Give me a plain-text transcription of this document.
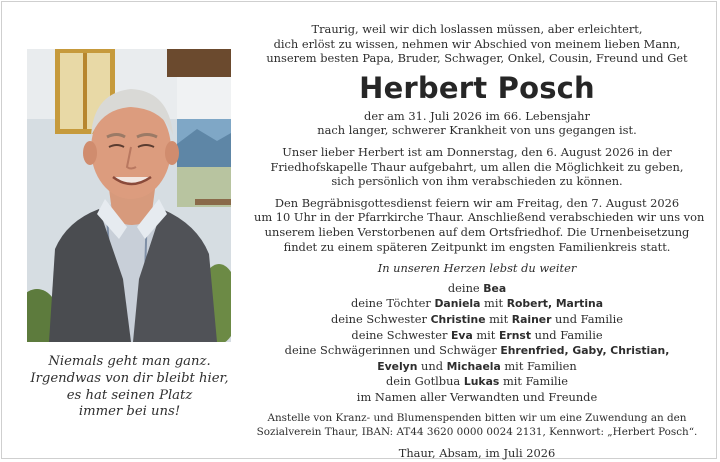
Niemals geht man ganz.
Irgendwas von dir bleibt hier,
es hat seinen Platz
immer bei uns!
Traurig, weil wir dich loslassen müssen, aber erleichtert,
dich erlöst zu wissen, nehmen wir Abschied von meinem lieben Mann,
unserem besten Papa, Bruder, Schwager, Onkel, Cousin, Freund und Get
Herbert Posch
der am 31. Juli 2026 im 66. Lebensjahr
nach langer, schwerer Krankheit von uns gegangen ist.
Unser lieber Herbert ist am Donnerstag, den 6. August 2026 in der
Friedhofskapelle Thaur aufgebahrt, um allen die Möglichkeit zu geben,
sich persönlich von ihm verabschieden zu können.
Den Begräbnisgottesdienst feiern wir am Freitag, den 7. August 2026
um 10 Uhr in der Pfarrkirche Thaur. Anschließend verabschieden wir uns von
unserem lieben Verstorbenen auf dem Ortsfriedhof. Die Urnenbeisetzung
findet zu einem späteren Zeitpunkt im engsten Familienkreis statt.
In unseren Herzen lebst du weiter
deine Bea
deine Töchter Daniela mit Robert, Martina
deine Schwester Christine mit Rainer und Familie
deine Schwester Eva mit Ernst und Familie
deine Schwägerinnen und Schwäger Ehrenfried, Gaby, Christian,
Evelyn und Michaela mit Familien
dein Gotlbua Lukas mit Familie
im Namen aller Verwandten und Freunde
Anstelle von Kranz- und Blumenspenden bitten wir um eine Zuwendung an den
Sozialverein Thaur, IBAN: AT44 3620 0000 0024 2131, Kennwort: „Herbert Posch“.
Thaur, Absam, im Juli 2026
